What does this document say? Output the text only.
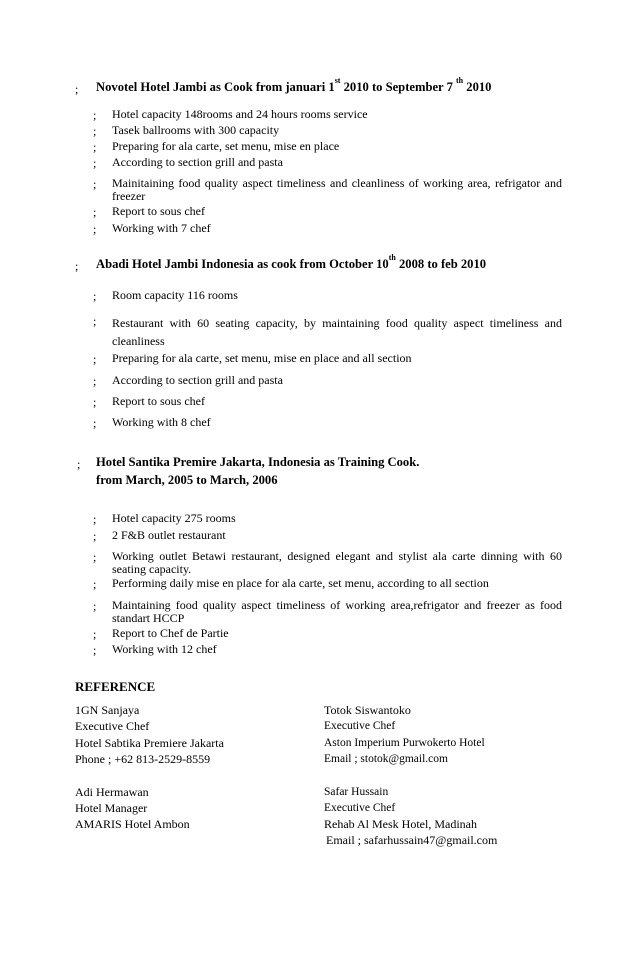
; Novotel Hotel Jambi as Cook from januari 1st 2010 to September 7 $^{th}$ 2010
; Hotel capacity 148rooms and 24 hours rooms service
; Tasek ballrooms with 300 capacity
; Preparing for ala carte, set menu, mise en place
; According to section grill and pasta
; Mainitaining food quality aspect timeliness and cleanliness of working area, refrigator and freezer
; Report to sous chef
; Working with 7 chef
; Abadi Hotel Jambi Indonesia as cook from October 10th 2008 to feb 2010
; Room capacity 116 rooms
; Restaurant with 60 seating capacity, by maintaining food quality aspect timeliness and cleanliness
; Preparing for ala carte, set menu, mise en place and all section
; According to section grill and pasta
; Report to sous chef
; Working with 8 chef
; Hotel Santika Premire Jakarta, Indonesia as Training Cook.
from March, 2005 to March, 2006
; Hotel capacity 275 rooms
; 2 F&B outlet restaurant
; Working outlet Betawi restaurant, designed elegant and stylist ala carte dinning with 60 seating capacity.
; Performing daily mise en place for ala carte, set menu, according to all section
; Maintaining food quality aspect timeliness of working area,refrigator and freezer as food standart HCCP
; Report to Chef de Partie
; Working with 12 chef
REFERENCE
1GN Sanjaya
Executive Chef
Hotel Sabtika Premiere Jakarta
Phone ; +62 813-2529-8559
Totok Siswantoko
Executive Chef
Aston Imperium Purwokerto Hotel
Email ; stotok@gmail.com
Adi Hermawan
Hotel Manager
AMARIS Hotel Ambon
Safar Hussain
Executive Chef
Rehab Al Mesk Hotel, Madinah
Email ; safarhussain47@gmail.com
